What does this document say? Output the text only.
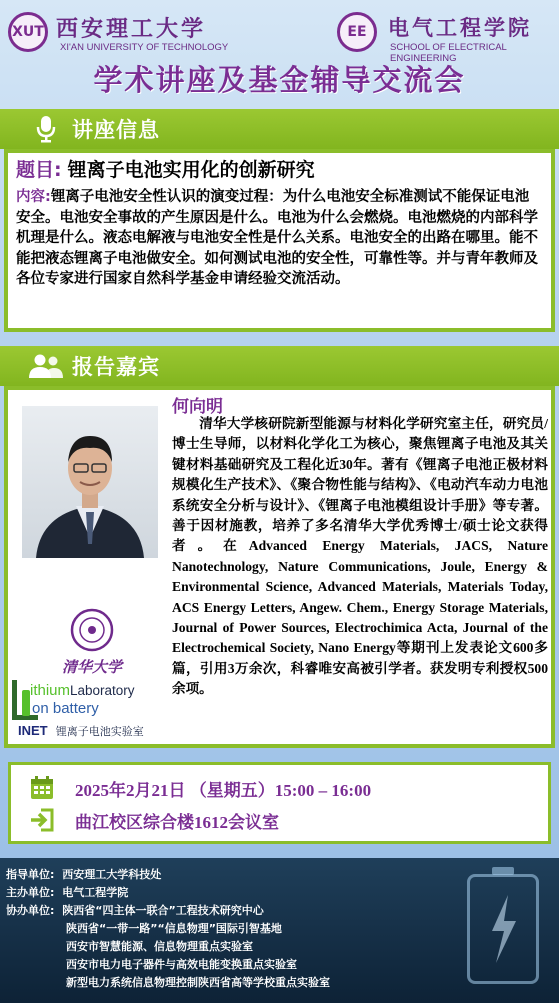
XUT 西安理工大学
XI'AN UNIVERSITY OF TECHNOLOGY
EE	电气工程学院
SCHOOL OF ELECTRICAL ENGINEERING
学术讲座及基金辅导交流会
讲座信息
题目: 锂离子电池实用化的创新研究
内容:锂离子电池安全性认识的演变过程：为什么电池安全标准测试不能保证电池安全。电池安全事故的产生原因是什么。电池为什么会燃烧。电池燃烧的内部科学机理是什么。液态电解液与电池安全性是什么关系。电池安全的出路在哪里。能不能把液态锂离子电池做安全。如何测试电池的安全性，可靠性等。并与青年教师及各位专家进行国家自然科学基金申请经验交流活动。
报告嘉宾
清华大学
ithiumLaboratory
on battery
INET 锂离子电池实验室
何向明
清华大学核研院新型能源与材料化学研究室主任，研究员/博士生导师，以材料化学化工为核心，聚焦锂离子电池及其关键材料基础研究及工程化近30年。著有《锂离子电池正极材料规模化生产技术》、《聚合物性能与结构》、《电动汽车动力电池系统安全分析与设计》、《锂离子电池模组设计手册》等专著。善于因材施教，培养了多名清华大学优秀博士/硕士论文获得者。在Advanced Energy Materials, JACS, Nature Nanotechnology, Nature Communications, Joule, Energy & Environmental Science, Advanced Materials, Materials Today, ACS Energy Letters, Angew. Chem., Energy Storage Materials, Journal of Power Sources, Electrochimica Acta, Journal of the Electrochemical Society, Nano Energy等期刊上发表论文600多篇，引用3万余次，科睿唯安高被引学者。获发明专利授权500余项。
2025年2月21日 （星期五）15:00 – 16:00
曲江校区综合楼1612会议室
指导单位: 西安理工大学科技处
主办单位: 电气工程学院
协办单位: 陕西省“四主体一联合”工程技术研究中心
陕西省“一带一路”“信息物理”国际引智基地
西安市智慧能源、信息物理重点实验室
西安市电力电子器件与高效电能变换重点实验室
新型电力系统信息物理控制陕西省高等学校重点实验室
